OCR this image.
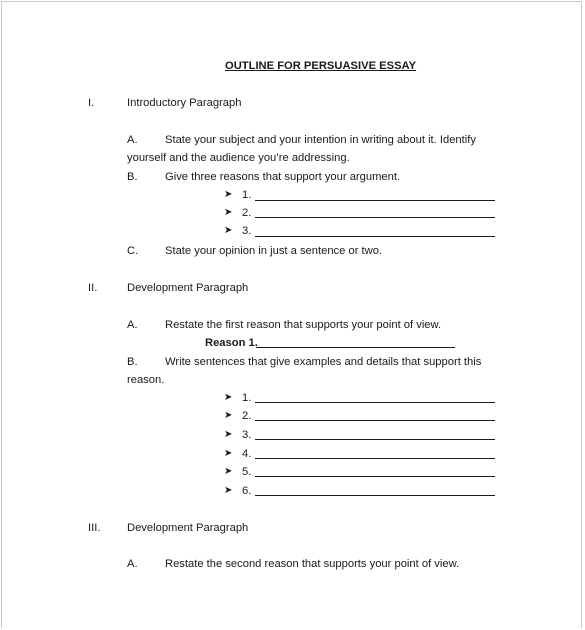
OUTLINE FOR PERSUASIVE ESSAY
I.	Introductory Paragraph
A. State your subject and your intention in writing about it. Identify
yourself and the audience you’re addressing.
B. Give three reasons that support your argument.
➤ 1.
➤ 2.
➤ 3.
C. State your opinion in just a sentence or two.
II.	Development Paragraph
A. Restate the first reason that supports your point of view.
Reason 1.
B. Write sentences that give examples and details that support this
reason.
➤ 1.
➤ 2.
➤ 3.
➤ 4.
➤ 5.
➤ 6.
III. Development Paragraph
A. Restate the second reason that supports your point of view.
